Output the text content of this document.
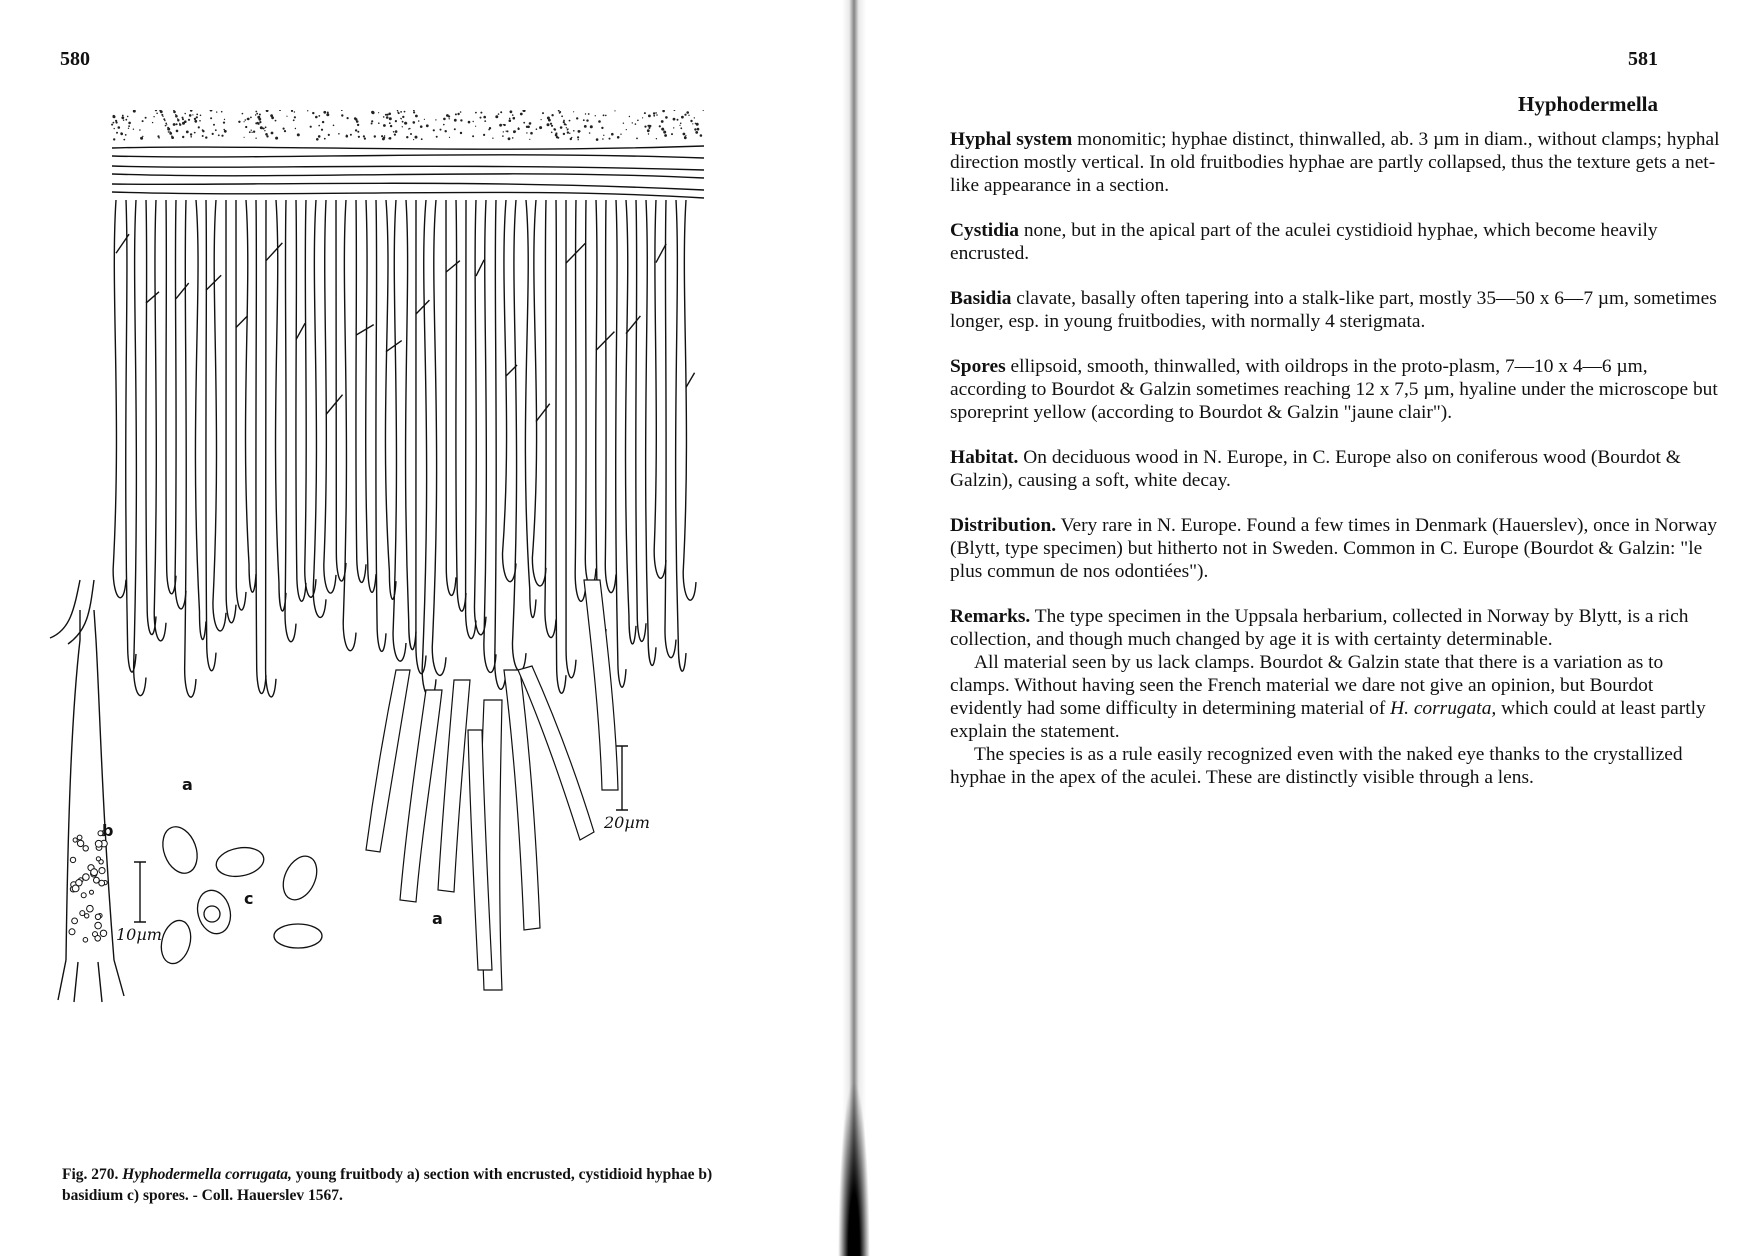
580
a
a
b
c
20µm
10µm
Fig. 270. Hyphodermella corrugata, young fruitbody a) section with encrusted, cystidioid hyphae b) basidium c) spores. - Coll. Hauerslev 1567.
581
Hyphodermella

Hyphal system monomitic; hyphae distinct, thinwalled, ab. 3 µm in diam., without clamps; hyphal direction mostly vertical. In old fruitbodies hyphae are partly collapsed, thus the texture gets a net-like appearance in a section.

Cystidia none, but in the apical part of the aculei cystidioid hyphae, which become heavily encrusted.

Basidia clavate, basally often tapering into a stalk-like part, mostly 35—50 x 6—7 µm, sometimes longer, esp. in young fruitbodies, with normally 4 sterigmata.

Spores ellipsoid, smooth, thinwalled, with oildrops in the proto-plasm, 7—10 x 4—6 µm, according to Bourdot & Galzin sometimes reaching 12 x 7,5 µm, hyaline under the microscope but sporeprint yellow (according to Bourdot & Galzin "jaune clair").

Habitat. On deciduous wood in N. Europe, in C. Europe also on coniferous wood (Bourdot & Galzin), causing a soft, white decay.

Distribution. Very rare in N. Europe. Found a few times in Denmark (Hauerslev), once in Norway (Blytt, type specimen) but hitherto not in Sweden. Common in C. Europe (Bourdot & Galzin: "le plus commun de nos odontiées").

Remarks. The type specimen in the Uppsala herbarium, collected in Norway by Blytt, is a rich collection, and though much changed by age it is with certainty determinable.

All material seen by us lack clamps. Bourdot & Galzin state that there is a variation as to clamps. Without having seen the French material we dare not give an opinion, but Bourdot evidently had some difficulty in determining material of H. corrugata, which could at least partly explain the statement.

The species is as a rule easily recognized even with the naked eye thanks to the crystallized hyphae in the apex of the aculei. These are distinctly visible through a lens.
